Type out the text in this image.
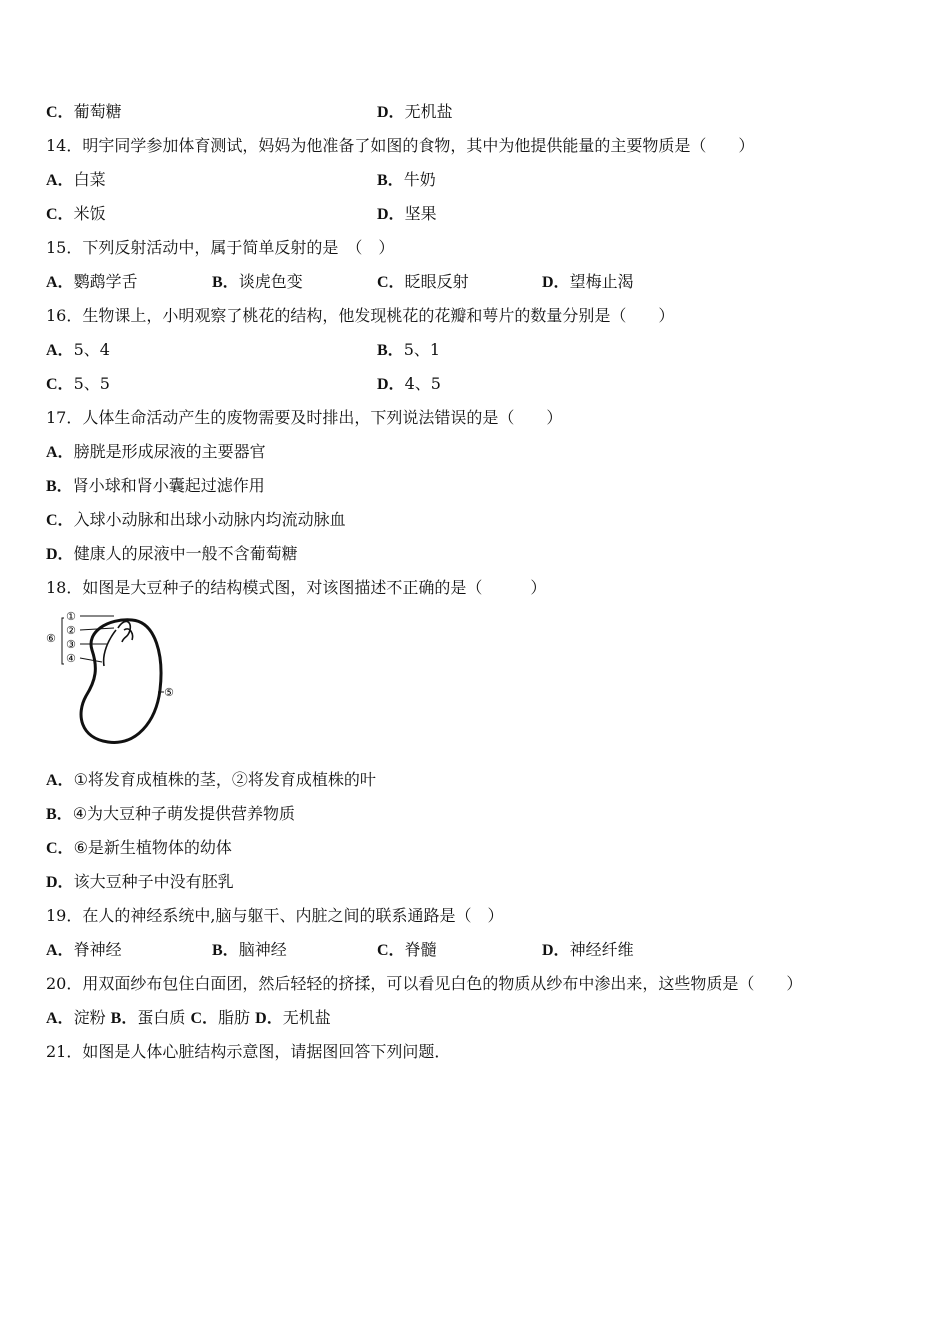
C．葡萄糖	D．无机盐
14．明宇同学参加体育测试，妈妈为他准备了如图的食物，其中为他提供能量的主要物质是（　　）
A．白菜	B．牛奶
C．米饭	D．坚果
15．下列反射活动中，属于简单反射的是　（　）
A．鹦鹉学舌	B．谈虎色变	C．眨眼反射	D．望梅止渴
16．生物课上，小明观察了桃花的结构，他发现桃花的花瓣和萼片的数量分别是（　　）
A．5、4	B．5、1
C．5、5	D．4、5
17．人体生命活动产生的废物需要及时排出，下列说法错误的是（　　）
A．膀胱是形成尿液的主要器官
B．肾小球和肾小囊起过滤作用
C．入球小动脉和出球小动脉内均流动脉血
D．健康人的尿液中一般不含葡萄糖
18．如图是大豆种子的结构模式图，对该图描述不正确的是（　　　）
①
②
③
④
⑤
⑥
A．①将发育成植株的茎，②将发育成植株的叶
B．④为大豆种子萌发提供营养物质
C．⑥是新生植物体的幼体
D．该大豆种子中没有胚乳
19．在人的神经系统中,脑与躯干、内脏之间的联系通路是（　）
A．脊神经	B．脑神经	C．脊髓	D．神经纤维
20．用双面纱布包住白面团，然后轻轻的挤揉，可以看见白色的物质从纱布中渗出来，这些物质是（　　）
A．淀粉 B．蛋白质 C．脂肪 D．无机盐
21．如图是人体心脏结构示意图，请据图回答下列问题．
